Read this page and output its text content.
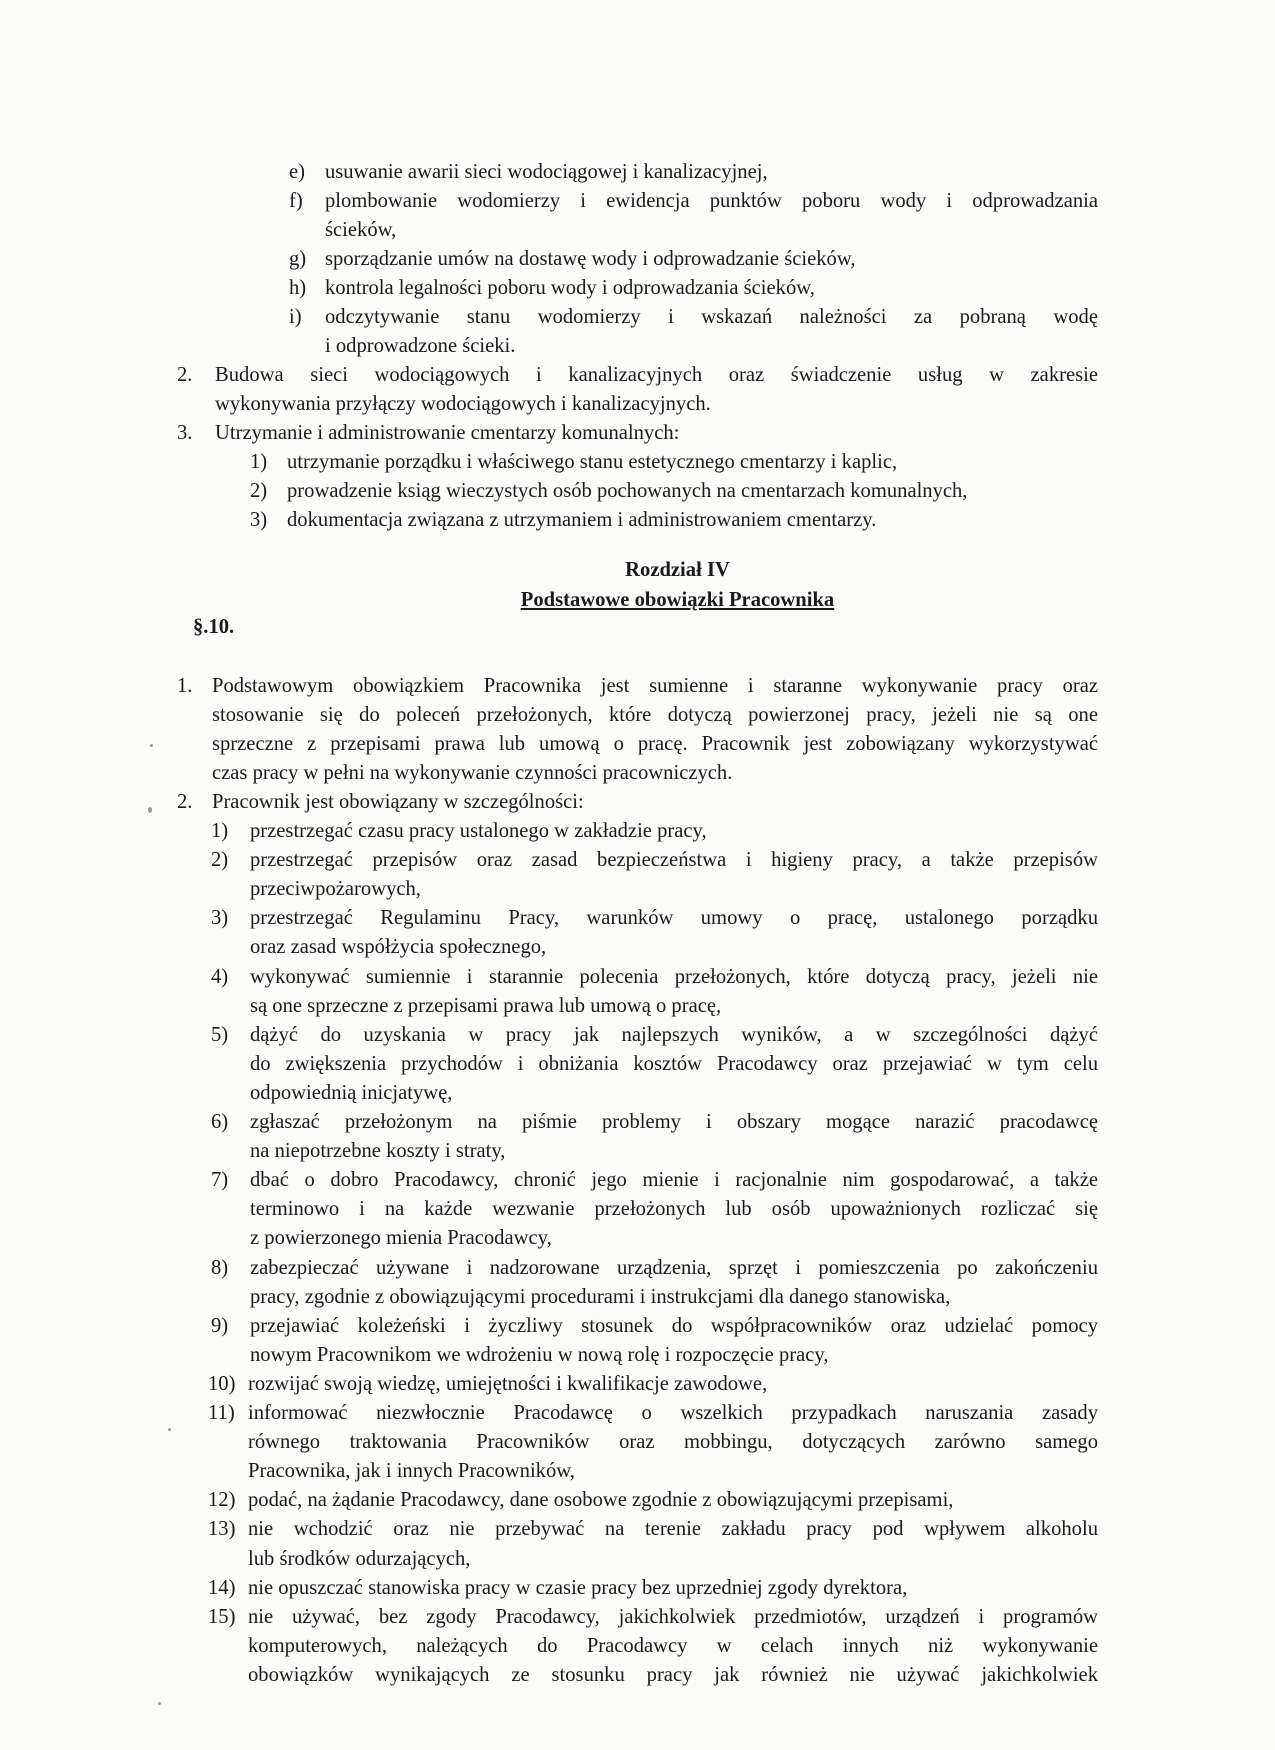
e) usuwanie awarii sieci wodociągowej i kanalizacyjnej,
f) plombowanie wodomierzy i ewidencja punktów poboru wody i odprowadzania
ścieków,
g) sporządzanie umów na dostawę wody i odprowadzanie ścieków,
h) kontrola legalności poboru wody i odprowadzania ścieków,
i) odczytywanie stanu wodomierzy i wskazań należności za pobraną wodę
i odprowadzone ścieki.
2. Budowa sieci wodociągowych i kanalizacyjnych oraz świadczenie usług w zakresie
wykonywania przyłączy wodociągowych i kanalizacyjnych.
3. Utrzymanie i administrowanie cmentarzy komunalnych:
1) utrzymanie porządku i właściwego stanu estetycznego cmentarzy i kaplic,
2) prowadzenie ksiąg wieczystych osób pochowanych na cmentarzach komunalnych,
3) dokumentacja związana z utrzymaniem i administrowaniem cmentarzy.
Rozdział IV
Podstawowe obowiązki Pracownika
§.10.
1. Podstawowym obowiązkiem Pracownika jest sumienne i staranne wykonywanie pracy oraz
stosowanie się do poleceń przełożonych, które dotyczą powierzonej pracy, jeżeli nie są one
sprzeczne z przepisami prawa lub umową o pracę. Pracownik jest zobowiązany wykorzystywać
czas pracy w pełni na wykonywanie czynności pracowniczych.
2. Pracownik jest obowiązany w szczególności:
1) przestrzegać czasu pracy ustalonego w zakładzie pracy,
2) przestrzegać przepisów oraz zasad bezpieczeństwa i higieny pracy, a także przepisów
przeciwpożarowych,
3) przestrzegać Regulaminu Pracy, warunków umowy o pracę, ustalonego porządku
oraz zasad współżycia społecznego,
4) wykonywać sumiennie i starannie polecenia przełożonych, które dotyczą pracy, jeżeli nie
są one sprzeczne z przepisami prawa lub umową o pracę,
5) dążyć do uzyskania w pracy jak najlepszych wyników, a w szczególności dążyć
do zwiększenia przychodów i obniżania kosztów Pracodawcy oraz przejawiać w tym celu
odpowiednią inicjatywę,
6) zgłaszać przełożonym na piśmie problemy i obszary mogące narazić pracodawcę
na niepotrzebne koszty i straty,
7) dbać o dobro Pracodawcy, chronić jego mienie i racjonalnie nim gospodarować, a także
terminowo i na każde wezwanie przełożonych lub osób upoważnionych rozliczać się
z powierzonego mienia Pracodawcy,
8) zabezpieczać używane i nadzorowane urządzenia, sprzęt i pomieszczenia po zakończeniu
pracy, zgodnie z obowiązującymi procedurami i instrukcjami dla danego stanowiska,
9) przejawiać koleżeński i życzliwy stosunek do współpracowników oraz udzielać pomocy
nowym Pracownikom we wdrożeniu w nową rolę i rozpoczęcie pracy,
10) rozwijać swoją wiedzę, umiejętności i kwalifikacje zawodowe,
11) informować niezwłocznie Pracodawcę o wszelkich przypadkach naruszania zasady
równego traktowania Pracowników oraz mobbingu, dotyczących zarówno samego
Pracownika, jak i innych Pracowników,
12) podać, na żądanie Pracodawcy, dane osobowe zgodnie z obowiązującymi przepisami,
13) nie wchodzić oraz nie przebywać na terenie zakładu pracy pod wpływem alkoholu
lub środków odurzających,
14) nie opuszczać stanowiska pracy w czasie pracy bez uprzedniej zgody dyrektora,
15) nie używać, bez zgody Pracodawcy, jakichkolwiek przedmiotów, urządzeń i programów
komputerowych, należących do Pracodawcy w celach innych niż wykonywanie
obowiązków wynikających ze stosunku pracy jak również nie używać jakichkolwiek
